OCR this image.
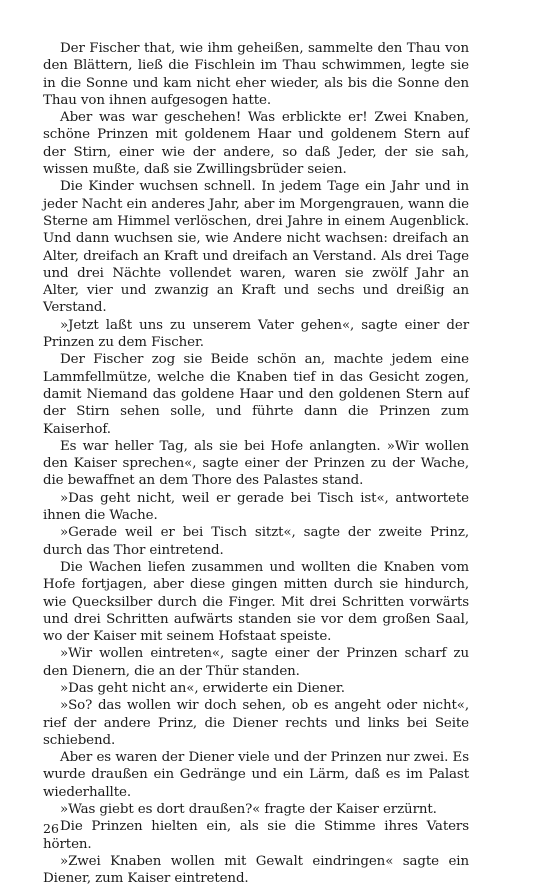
Der Fischer that, wie ihm geheißen, sammelte den Thau von den Blättern, ließ die Fischlein im Thau schwimmen, legte sie in die Sonne und kam nicht eher wieder, als bis die Sonne den Thau von ihnen aufgesogen hatte.

Aber was war geschehen! Was erblickte er! Zwei Knaben, schöne Prinzen mit goldenem Haar und goldenem Stern auf der Stirn, einer wie der andere, so daß Jeder, der sie sah, wissen mußte, daß sie Zwillingsbrüder seien.

Die Kinder wuchsen schnell. In jedem Tage ein Jahr und in jeder Nacht ein anderes Jahr, aber im Morgengrauen, wann die Sterne am Himmel verlöschen, drei Jahre in einem Augenblick. Und dann wuchsen sie, wie Andere nicht wachsen: dreifach an Alter, dreifach an Kraft und dreifach an Verstand. Als drei Tage und drei Nächte vollendet waren, waren sie zwölf Jahr an Alter, vier und zwanzig an Kraft und sechs und dreißig an Verstand.

»Jetzt laßt uns zu unserem Vater gehen«, sagte einer der Prinzen zu dem Fischer.

Der Fischer zog sie Beide schön an, machte jedem eine Lammfellmütze, welche die Knaben tief in das Gesicht zogen, damit Niemand das goldene Haar und den goldenen Stern auf der Stirn sehen solle, und führte dann die Prinzen zum Kaiserhof.

Es war heller Tag, als sie bei Hofe anlangten. »Wir wollen den Kaiser sprechen«, sagte einer der Prinzen zu der Wache, die bewaffnet an dem Thore des Palastes stand.

»Das geht nicht, weil er gerade bei Tisch ist«, antwortete ihnen die Wache.

»Gerade weil er bei Tisch sitzt«, sagte der zweite Prinz, durch das Thor eintretend.

Die Wachen liefen zusammen und wollten die Knaben vom Hofe fortjagen, aber diese gingen mitten durch sie hindurch, wie Quecksilber durch die Finger. Mit drei Schritten vorwärts und drei Schritten aufwärts standen sie vor dem großen Saal, wo der Kaiser mit seinem Hofstaat speiste.

»Wir wollen eintreten«, sagte einer der Prinzen scharf zu den Dienern, die an der Thür standen.

»Das geht nicht an«, erwiderte ein Diener.

»So? das wollen wir doch sehen, ob es angeht oder nicht«, rief der andere Prinz, die Diener rechts und links bei Seite schiebend.

Aber es waren der Diener viele und der Prinzen nur zwei. Es wurde draußen ein Gedränge und ein Lärm, daß es im Palast wiederhallte.

»Was giebt es dort draußen?« fragte der Kaiser erzürnt.

Die Prinzen hielten ein, als sie die Stimme ihres Vaters hörten.

»Zwei Knaben wollen mit Gewalt eindringen« sagte ein Diener, zum Kaiser eintretend.

26
